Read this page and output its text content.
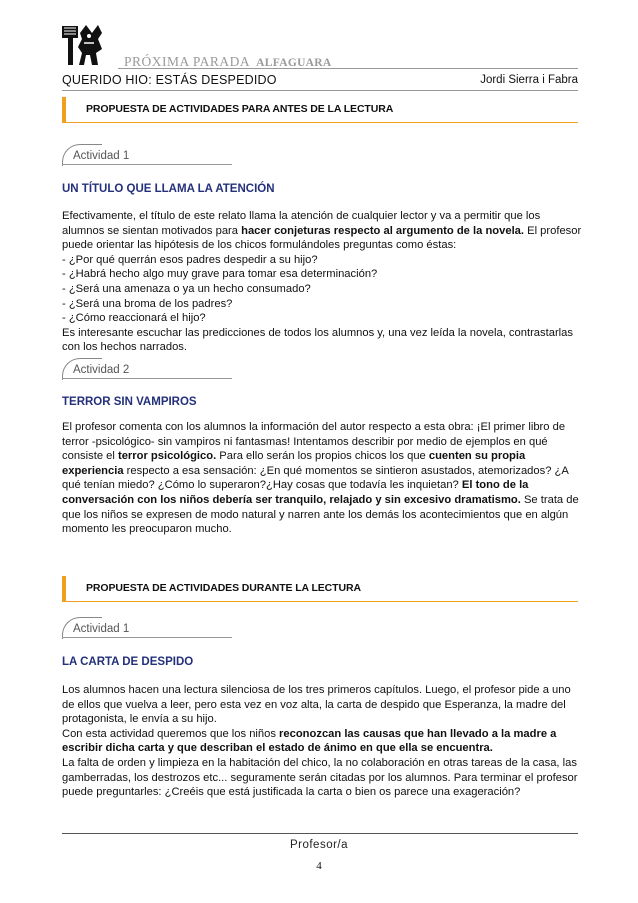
PRÓXIMA PARADA ALFAGUARA
QUERIDO HIO: ESTÁS DESPEDIDO	Jordi Sierra i Fabra
PROPUESTA DE ACTIVIDADES PARA ANTES DE LA LECTURA
Actividad 1
UN TÍTULO QUE LLAMA LA ATENCIÓN
Efectivamente, el título de este relato llama la atención de cualquier lector y va a permitir que los alumnos se sientan motivados para hacer conjeturas respecto al argumento de la novela. El profesor puede orientar las hipótesis de los chicos formulándoles preguntas como éstas:
- ¿Por qué querrán esos padres despedir a su hijo?
- ¿Habrá hecho algo muy grave para tomar esa determinación?
- ¿Será una amenaza o ya un hecho consumado?
- ¿Será una broma de los padres?
- ¿Cómo reaccionará el hijo?
Es interesante escuchar las predicciones de todos los alumnos y, una vez leída la novela, contrastarlas con los hechos narrados.
Actividad 2
TERROR SIN VAMPIROS
El profesor comenta con los alumnos la información del autor respecto a esta obra: ¡El primer libro de terror -psicológico- sin vampiros ni fantasmas! Intentamos describir por medio de ejemplos en qué consiste el terror psicológico. Para ello serán los propios chicos los que cuenten su propia experiencia respecto a esa sensación: ¿En qué momentos se sintieron asustados, atemorizados? ¿A qué tenían miedo? ¿Cómo lo superaron?¿Hay cosas que todavía les inquietan? El tono de la conversación con los niños debería ser tranquilo, relajado y sin excesivo dramatismo. Se trata de que los niños se expresen de modo natural y narren ante los demás los acontecimientos que en algún momento les preocuparon mucho.
PROPUESTA DE ACTIVIDADES DURANTE LA LECTURA
Actividad 1
LA CARTA DE DESPIDO
Los alumnos hacen una lectura silenciosa de los tres primeros capítulos. Luego, el profesor pide a uno de ellos que vuelva a leer, pero esta vez en voz alta, la carta de despido que Esperanza, la madre del protagonista, le envía a su hijo.
Con esta actividad queremos que los niños reconozcan las causas que han llevado a la madre a escribir dicha carta y que describan el estado de ánimo en que ella se encuentra.
La falta de orden y limpieza en la habitación del chico, la no colaboración en otras tareas de la casa, las gamberradas, los destrozos etc... seguramente serán citadas por los alumnos. Para terminar el profesor puede preguntarles: ¿Creéis que está justificada la carta o bien os parece una exageración?
Profesor/a
4
